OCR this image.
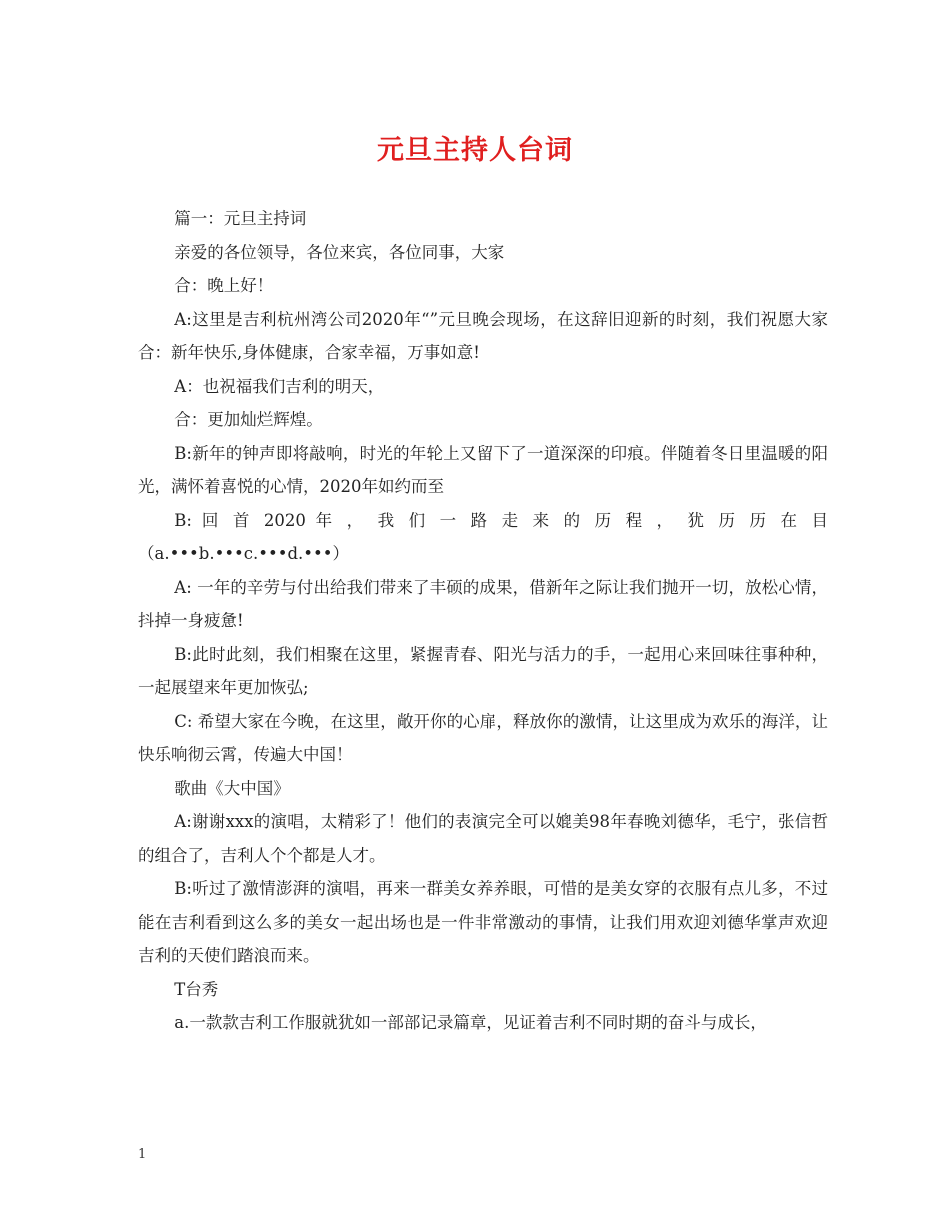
元旦主持人台词

篇一：元旦主持词

亲爱的各位领导，各位来宾，各位同事，大家

合：晚上好！

A:这里是吉利杭州湾公司2020年“”元旦晚会现场，在这辞旧迎新的时刻，我们祝愿大家 合：新年快乐,身体健康，合家幸福，万事如意!

A：也祝福我们吉利的明天，

合：更加灿烂辉煌。

B:新年的钟声即将敲响，时光的年轮上又留下了一道深深的印痕。伴随着冬日里温暖的阳光，满怀着喜悦的心情，2020年如约而至

B: 回 首 2020 年 ， 我 们 一 路 走 来 的 历 程 ， 犹 历 历 在 目 （a.•••b.•••c.•••d.•••）

A: 一年的辛劳与付出给我们带来了丰硕的成果，借新年之际让我们抛开一切，放松心情，抖掉一身疲惫!

B:此时此刻，我们相聚在这里，紧握青春、阳光与活力的手，一起用心来回味往事种种，一起展望来年更加恢弘;

C: 希望大家在今晚，在这里，敞开你的心扉，释放你的激情，让这里成为欢乐的海洋，让快乐响彻云霄，传遍大中国！

歌曲《大中国》

A:谢谢xxx的演唱，太精彩了！他们的表演完全可以媲美98年春晚刘德华，毛宁，张信哲的组合了，吉利人个个都是人才。

B:听过了激情澎湃的演唱，再来一群美女养养眼，可惜的是美女穿的衣服有点儿多，不过能在吉利看到这么多的美女一起出场也是一件非常激动的事情，让我们用欢迎刘德华掌声欢迎 吉利的天使们踏浪而来。

T台秀

a.一款款吉利工作服就犹如一部部记录篇章，见证着吉利不同时期的奋斗与成长，

1
